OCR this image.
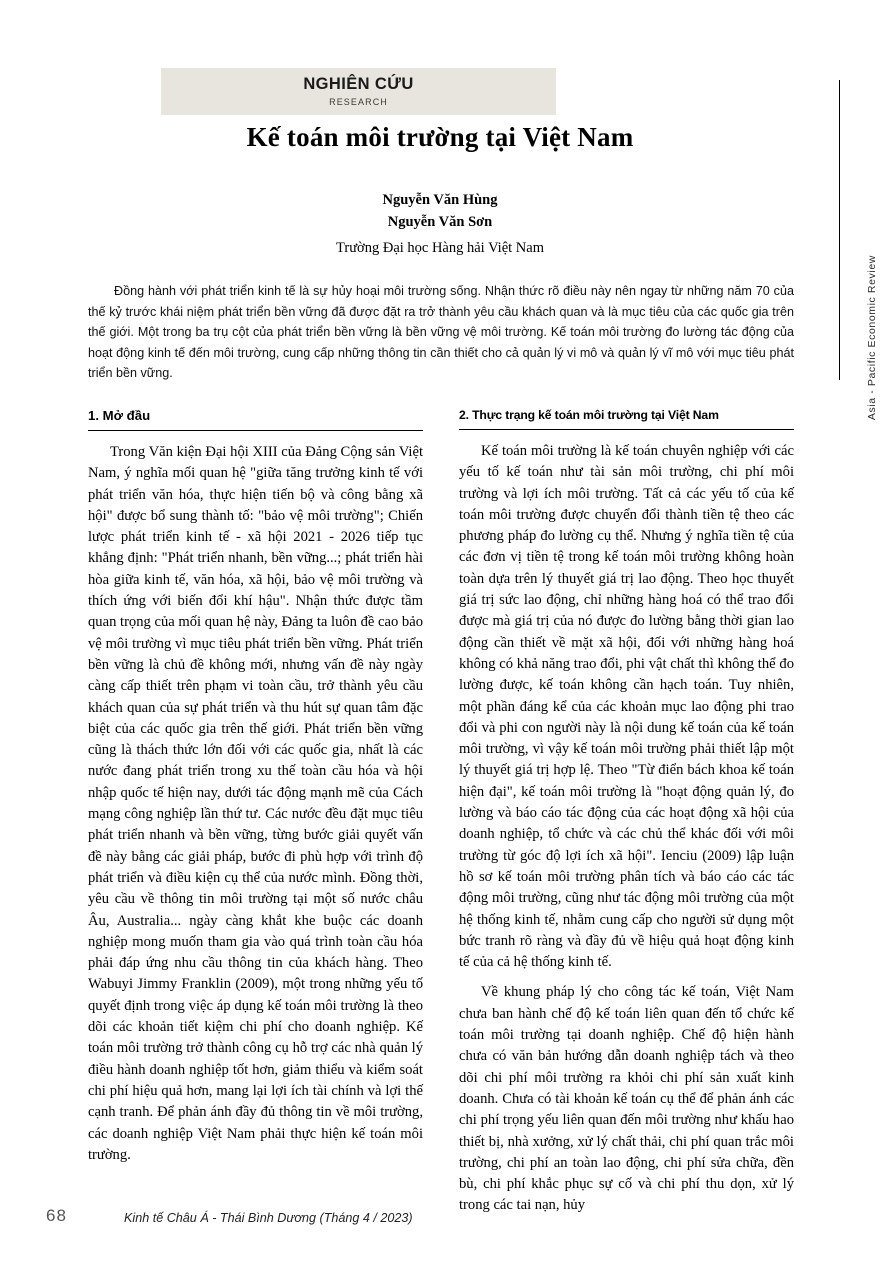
Asia - Pacific Economic Review
NGHIÊN CỨU
RESEARCH
Kế toán môi trường tại Việt Nam
Nguyễn Văn Hùng
Nguyễn Văn Sơn
Trường Đại học Hàng hải Việt Nam
Đồng hành với phát triển kinh tế là sự hủy hoại môi trường sống. Nhận thức rõ điều này nên ngay từ những năm 70 của thế kỷ trước khái niệm phát triển bền vững đã được đặt ra trở thành yêu cầu khách quan và là mục tiêu của các quốc gia trên thế giới. Một trong ba trụ cột của phát triển bền vững là bền vững vệ môi trường. Kế toán môi trường đo lường tác động của hoạt động kinh tế đến môi trường, cung cấp những thông tin cần thiết cho cả quản lý vi mô và quản lý vĩ mô với mục tiêu phát triển bền vững.
1. Mở đầu

Trong Văn kiện Đại hội XIII của Đảng Cộng sản Việt Nam, ý nghĩa mối quan hệ "giữa tăng trưởng kinh tế với phát triển văn hóa, thực hiện tiến bộ và công bằng xã hội" được bổ sung thành tố: "bảo vệ môi trường"; Chiến lược phát triển kinh tế - xã hội 2021 - 2026 tiếp tục khẳng định: "Phát triển nhanh, bền vững...; phát triển hài hòa giữa kinh tế, văn hóa, xã hội, bảo vệ môi trường và thích ứng với biến đổi khí hậu". Nhận thức được tầm quan trọng của mối quan hệ này, Đảng ta luôn đề cao bảo vệ môi trường vì mục tiêu phát triển bền vững. Phát triển bền vững là chủ đề không mới, nhưng vấn đề này ngày càng cấp thiết trên phạm vi toàn cầu, trở thành yêu cầu khách quan của sự phát triển và thu hút sự quan tâm đặc biệt của các quốc gia trên thế giới. Phát triển bền vững cũng là thách thức lớn đối với các quốc gia, nhất là các nước đang phát triển trong xu thế toàn cầu hóa và hội nhập quốc tế hiện nay, dưới tác động mạnh mẽ của Cách mạng công nghiệp lần thứ tư. Các nước đều đặt mục tiêu phát triển nhanh và bền vững, từng bước giải quyết vấn đề này bằng các giải pháp, bước đi phù hợp với trình độ phát triển và điều kiện cụ thể của nước mình. Đồng thời, yêu cầu về thông tin môi trường tại một số nước châu Âu, Australia... ngày càng khắt khe buộc các doanh nghiệp mong muốn tham gia vào quá trình toàn cầu hóa phải đáp ứng nhu cầu thông tin của khách hàng. Theo Wabuyi Jimmy Franklin (2009), một trong những yếu tố quyết định trong việc áp dụng kế toán môi trường là theo dõi các khoản tiết kiệm chi phí cho doanh nghiệp. Kế toán môi trường trở thành công cụ hỗ trợ các nhà quản lý điều hành doanh nghiệp tốt hơn, giảm thiểu và kiểm soát chi phí hiệu quả hơn, mang lại lợi ích tài chính và lợi thế cạnh tranh. Để phản ánh đầy đủ thông tin về môi trường, các doanh nghiệp Việt Nam phải thực hiện kế toán môi trường.

2. Thực trạng kế toán môi trường tại Việt Nam

Kế toán môi trường là kế toán chuyên nghiệp với các yếu tố kế toán như tài sản môi trường, chi phí môi trường và lợi ích môi trường. Tất cả các yếu tố của kế toán môi trường được chuyển đổi thành tiền tệ theo các phương pháp đo lường cụ thể. Nhưng ý nghĩa tiền tệ của các đơn vị tiền tệ trong kế toán môi trường không hoàn toàn dựa trên lý thuyết giá trị lao động. Theo học thuyết giá trị sức lao động, chỉ những hàng hoá có thể trao đổi được mà giá trị của nó được đo lường bằng thời gian lao động cần thiết về mặt xã hội, đối với những hàng hoá không có khả năng trao đổi, phi vật chất thì không thể đo lường được, kế toán không cần hạch toán. Tuy nhiên, một phần đáng kể của các khoản mục lao động phi trao đổi và phi con người này là nội dung kế toán của kế toán môi trường, vì vậy kế toán môi trường phải thiết lập một lý thuyết giá trị hợp lệ. Theo "Từ điển bách khoa kế toán hiện đại", kế toán môi trường là "hoạt động quản lý, đo lường và báo cáo tác động của các hoạt động xã hội của doanh nghiệp, tổ chức và các chủ thể khác đối với môi trường từ góc độ lợi ích xã hội". Ienciu (2009) lập luận hồ sơ kế toán môi trường phân tích và báo cáo các tác động môi trường, cũng như tác động môi trường của một hệ thống kinh tế, nhằm cung cấp cho người sử dụng một bức tranh rõ ràng và đầy đủ về hiệu quả hoạt động kinh tế của cả hệ thống kinh tế.

Về khung pháp lý cho công tác kế toán, Việt Nam chưa ban hành chế độ kế toán liên quan đến tổ chức kế toán môi trường tại doanh nghiệp. Chế độ hiện hành chưa có văn bản hướng dẫn doanh nghiệp tách và theo dõi chi phí môi trường ra khỏi chi phí sản xuất kinh doanh. Chưa có tài khoản kế toán cụ thể để phản ánh các chi phí trọng yếu liên quan đến môi trường như khấu hao thiết bị, nhà xưởng, xử lý chất thải, chi phí quan trắc môi trường, chi phí an toàn lao động, chi phí sửa chữa, đền bù, chi phí khắc phục sự cố và chi phí thu dọn, xử lý trong các tai nạn, hủy

68	Kinh tế Châu Á - Thái Bình Dương (Tháng 4 / 2023)
